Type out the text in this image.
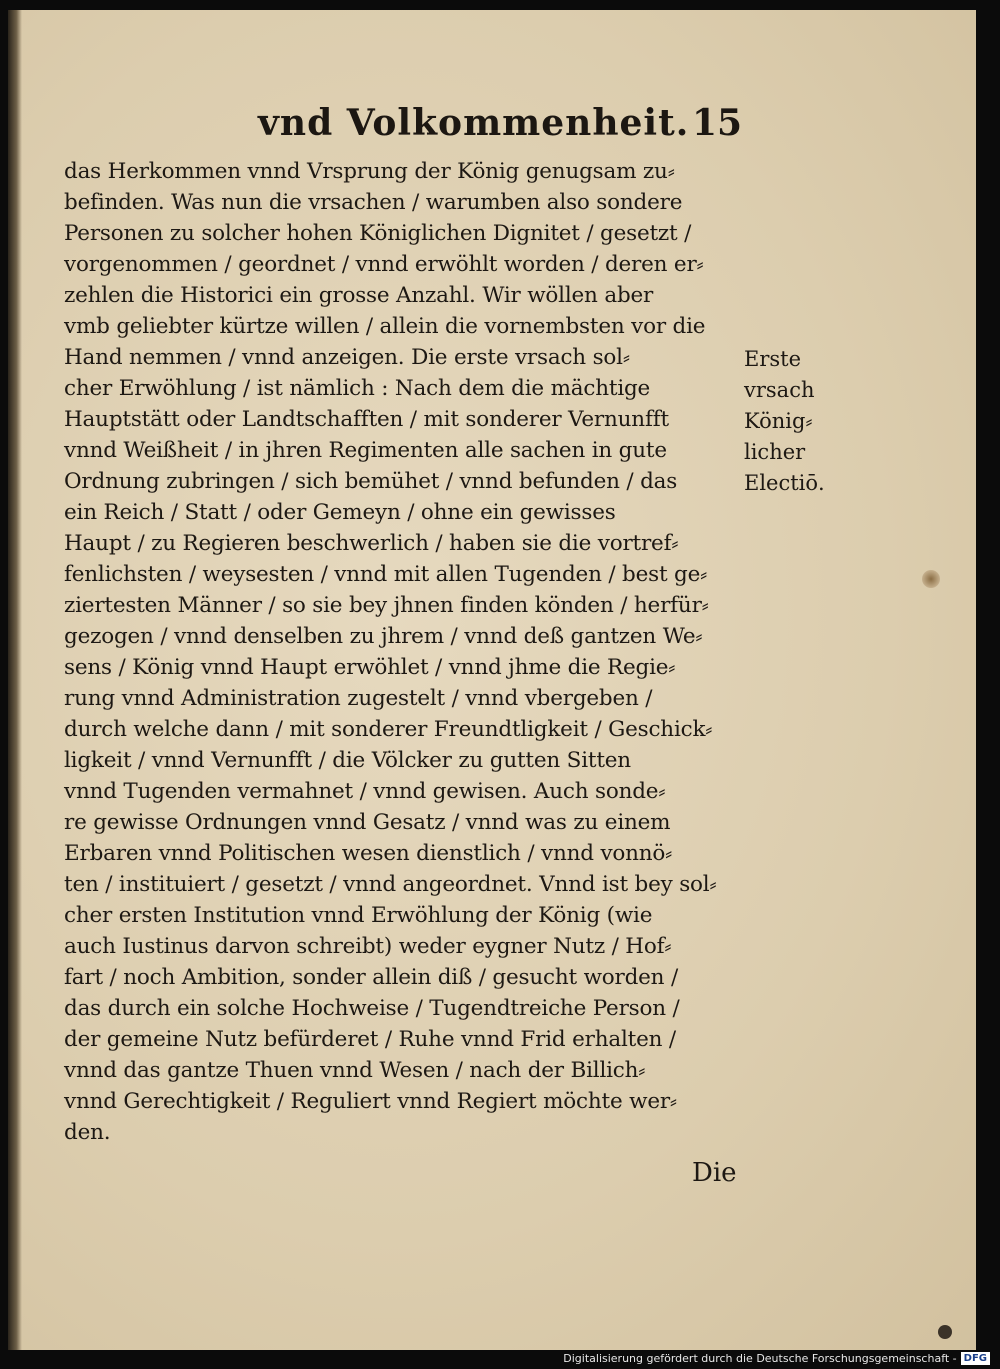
vnd Volkommenheit. 15
das Herkommen vnnd Vrsprung der König genugsam zu⸗
befinden. Was nun die vrsachen / warumben also sondere
Personen zu solcher hohen Königlichen Dignitet / gesetzt /
vorgenommen / geordnet / vnnd erwöhlt worden / deren er⸗
zehlen die Historici ein grosse Anzahl. Wir wöllen aber
vmb geliebter kürtze willen / allein die vornembsten vor die
Hand nemmen / vnnd anzeigen. Die erste vrsach sol⸗
cher Erwöhlung / ist nämlich : Nach dem die mächtige
Hauptstätt oder Landtschafften / mit sonderer Vernunfft
vnnd Weißheit / in jhren Regimenten alle sachen in gute
Ordnung zubringen / sich bemühet / vnnd befunden / das
ein Reich / Statt / oder Gemeyn / ohne ein gewisses
Haupt / zu Regieren beschwerlich / haben sie die vortref⸗
fenlichsten / weysesten / vnnd mit allen Tugenden / best ge⸗
ziertesten Männer / so sie bey jhnen finden könden / herfür⸗
gezogen / vnnd denselben zu jhrem / vnnd deß gantzen We⸗
sens / König vnnd Haupt erwöhlet / vnnd jhme die Regie⸗
rung vnnd Administration zugestelt / vnnd vbergeben /
durch welche dann / mit sonderer Freundtligkeit / Geschick⸗
ligkeit / vnnd Vernunfft / die Völcker zu gutten Sitten
vnnd Tugenden vermahnet / vnnd gewisen. Auch sonde⸗
re gewisse Ordnungen vnnd Gesatz / vnnd was zu einem
Erbaren vnnd Politischen wesen dienstlich / vnnd vonnö⸗
ten / instituiert / gesetzt / vnnd angeordnet. Vnnd ist bey sol⸗
cher ersten Institution vnnd Erwöhlung der König (wie
auch Iustinus darvon schreibt) weder eygner Nutz / Hof⸗
fart / noch Ambition, sonder allein diß / gesucht worden /
das durch ein solche Hochweise / Tugendtreiche Person /
der gemeine Nutz befürderet / Ruhe vnnd Frid erhalten /
vnnd das gantze Thuen vnnd Wesen / nach der Billich⸗
vnnd Gerechtigkeit / Reguliert vnnd Regiert möchte wer⸗
den.
Erste
vrsach
König⸗
licher
Electiō.
Die
Digitalisierung gefördert durch die Deutsche Forschungsgemeinschaft - DFG
